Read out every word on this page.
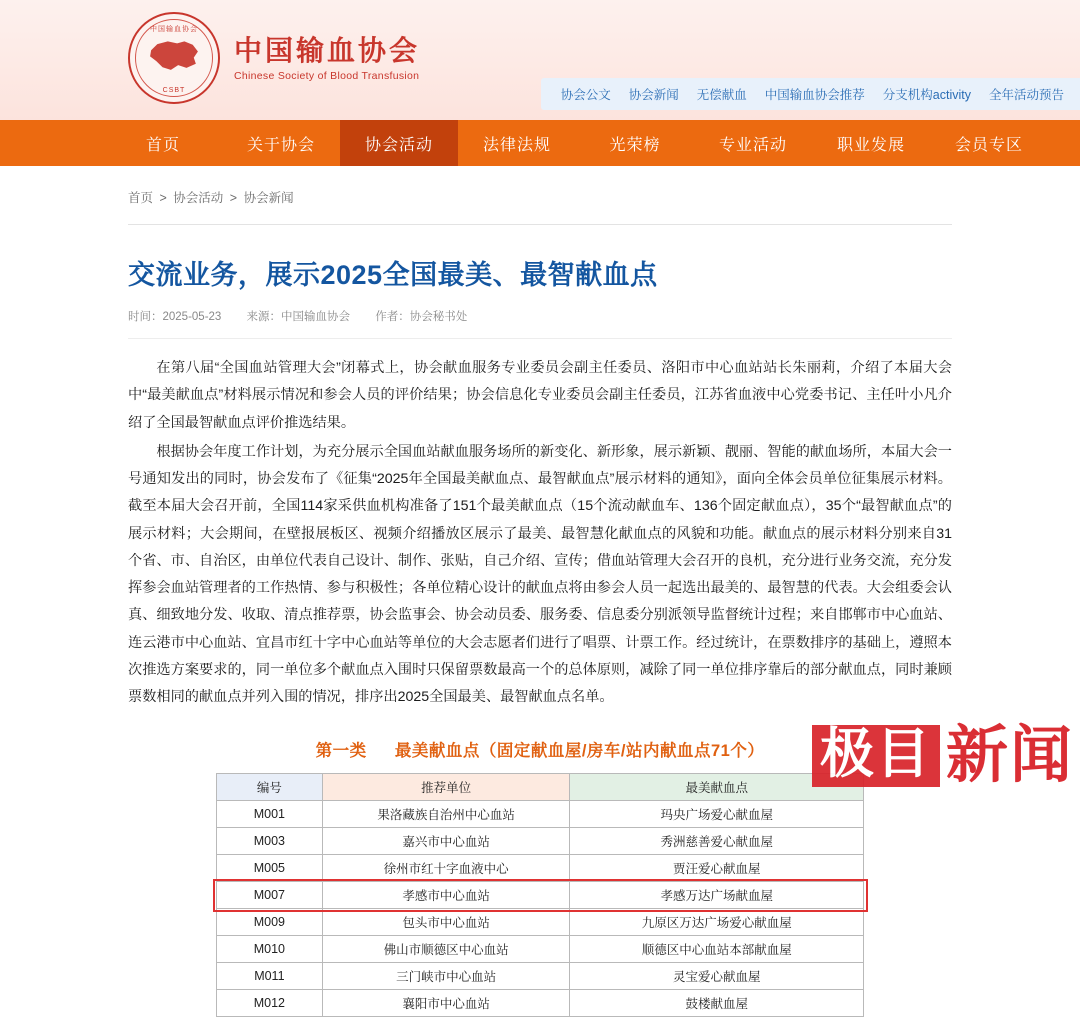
中国输血协会
CSBT
中国输血协会
Chinese Society of Blood Transfusion
协会公文 协会新闻 无偿献血 中国输血协会推荐 分支机构activity 全年活动预告
首页	关于协会	协会活动	法律法规	光荣榜	专业活动	职业发展	会员专区
首页 > 协会活动 > 协会新闻
交流业务，展示2025全国最美、最智献血点
时间：2025-05-23 来源：中国输血协会 作者：协会秘书处

在第八届“全国血站管理大会”闭幕式上，协会献血服务专业委员会副主任委员、洛阳市中心血站站长朱丽莉，介绍了本届大会中“最美献血点”材料展示情况和参会人员的评价结果；协会信息化专业委员会副主任委员，江苏省血液中心党委书记、主任叶小凡介绍了全国最智献血点评价推选结果。

根据协会年度工作计划，为充分展示全国血站献血服务场所的新变化、新形象，展示新颖、靓丽、智能的献血场所，本届大会一号通知发出的同时，协会发布了《征集“2025年全国最美献血点、最智献血点”展示材料的通知》，面向全体会员单位征集展示材料。截至本届大会召开前，全国114家采供血机构准备了151个最美献血点（15个流动献血车、136个固定献血点），35个“最智献血点”的展示材料；大会期间，在壁报展板区、视频介绍播放区展示了最美、最智慧化献血点的风貌和功能。献血点的展示材料分别来自31个省、市、自治区，由单位代表自己设计、制作、张贴，自己介绍、宣传；借血站管理大会召开的良机，充分进行业务交流，充分发挥参会血站管理者的工作热情、参与积极性；各单位精心设计的献血点将由参会人员一起选出最美的、最智慧的代表。大会组委会认真、细致地分发、收取、清点推荐票，协会监事会、协会动员委、服务委、信息委分别派领导监督统计过程；来自邯郸市中心血站、连云港市中心血站、宜昌市红十字中心血站等单位的大会志愿者们进行了唱票、计票工作。经过统计，在票数排序的基础上，遵照本次推选方案要求的，同一单位多个献血点入围时只保留票数最高一个的总体原则，减除了同一单位排序靠后的部分献血点，同时兼顾票数相同的献血点并列入围的情况，排序出2025全国最美、最智献血点名单。

第一类 最美献血点（固定献血屋/房车/站内献血点71个）
编号	推荐单位	最美献血点
M001	果洛藏族自治州中心血站	玛央广场爱心献血屋
M003	嘉兴市中心血站	秀洲慈善爱心献血屋
M005	徐州市红十字血液中心	贾汪爱心献血屋
M007	孝感市中心血站	孝感万达广场献血屋
M009	包头市中心血站	九原区万达广场爱心献血屋
M010	佛山市顺德区中心血站	顺德区中心血站本部献血屋
M011	三门峡市中心血站	灵宝爱心献血屋
M012	襄阳市中心血站	鼓楼献血屋
极目 新闻
